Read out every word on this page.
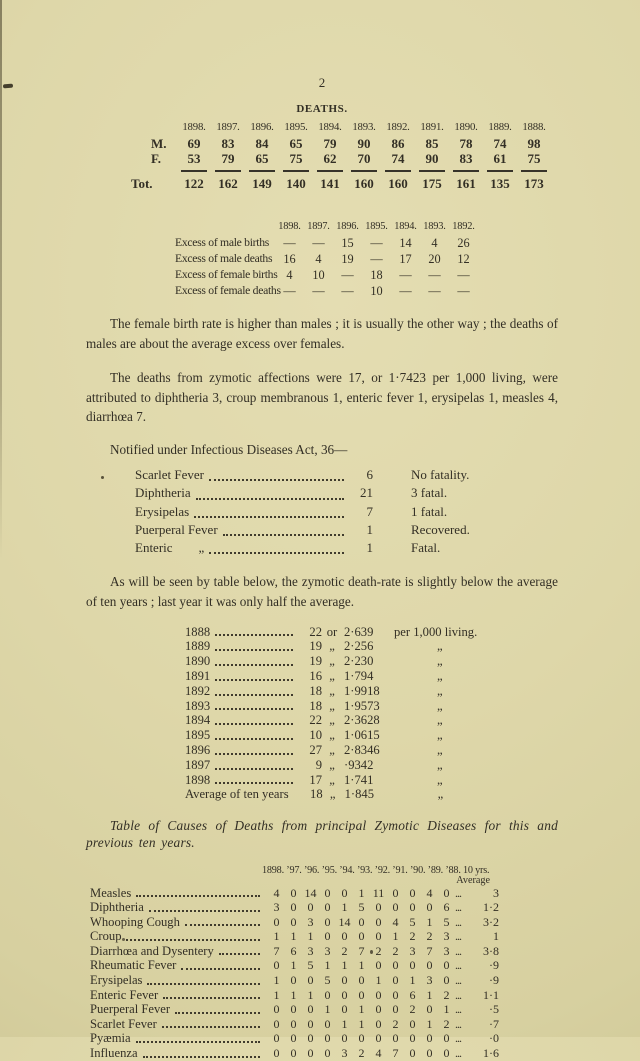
2
DEATHS.
1898. 1897. 1896. 1895. 1894. 1893. 1892. 1891. 1890. 1889. 1888.
M.	69	83	84	65	79	90	86	85	78	74	98
F.	53	79	65	75	62	70	74	90	83	61	75
Tot.	122	162	149	140	141	160	160	175	161	135	173
1898. 1897. 1896. 1895. 1894. 1893. 1892.
Excess of male births	—	—	15	—	14	4	26
Excess of male deaths 16	4	19	—	17	20	12
Excess of female births 4	10	—	18	—	—	—
Excess of female deaths —	—	—	10	—	—	—

The female birth rate is higher than males ; it is usually the other way ; the deaths of males are about the average excess over females.

The deaths from zymotic affections were 17, or 1·7423 per 1,000 living, were attributed to diphtheria 3, croup membranous 1, enteric fever 1, erysipelas 1, measles 4, diarrhœa 7.

Notified under Infectious Diseases Act, 36—
Scarlet Fever	6	No fatality.
Diphtheria	21	3 fatal.
Erysipelas	7	1 fatal.
Puerperal Fever	1	Recovered.
Enteric „	1	Fatal.

As will be seen by table below, the zymotic death-rate is slightly below the average of ten years ; last year it was only half the average.

1888	22 or 2·639	per 1,000 living.
1889	19 „ 2·256	„
1890	19 „ 2·230	„
1891	16 „ 1·794	„
1892	18 „ 1·9918	„
1893	18 „ 1·9573	„
1894	22 „ 2·3628	„
1895	10 „ 1·0615	„
1896	27 „ 2·8346	„
1897	9 „ ·9342	„
1898	17 „ 1·741	„
Average of ten years	18 „ 1·845	„

Table of Causes of Deaths from principal Zymotic Diseases for this and previous ten years.

1898. ’97. ’96. ’95. ’94. ’93. ’92. ’91. ’90. ’89. ’88. 10 yrs.
Average
Measles	4 0 14 0 0 1 11 0 0 4 0 ...	3
Diphtheria	3 0 0 0 1 5 0 0 0 0 6 ...	1·2
Whooping Cough	0 0 3 0 14 0 0 4 5 1 5 ...	3·2
Croup	1 1 1 0 0 0 0 1 2 2 3 ...	1
Diarrhœa and Dysentery	7 6 3 3 2 7 2 2 3 7 3 ...	3·8
Rheumatic Fever	0 1 5 1 1 1 0 0 0 0 0 ...	·9
Erysipelas	1 0 0 5 0 0 1 0 1 3 0 ...	·9
Enteric Fever	1 1 1 0 0 0 0 0 6 1 2 ...	1·1
Puerperal Fever	0 0 0 1 0 1 0 0 2 0 1 ...	·5
Scarlet Fever	0 0 0 0 1 1 0 2 0 1 2 ...	·7
Pyæmia	0 0 0 0 0 0 0 0 0 0 0 ...	·0
Influenza	0 0 0 0 3 2 4 7 0 0 0 ...	1·6
